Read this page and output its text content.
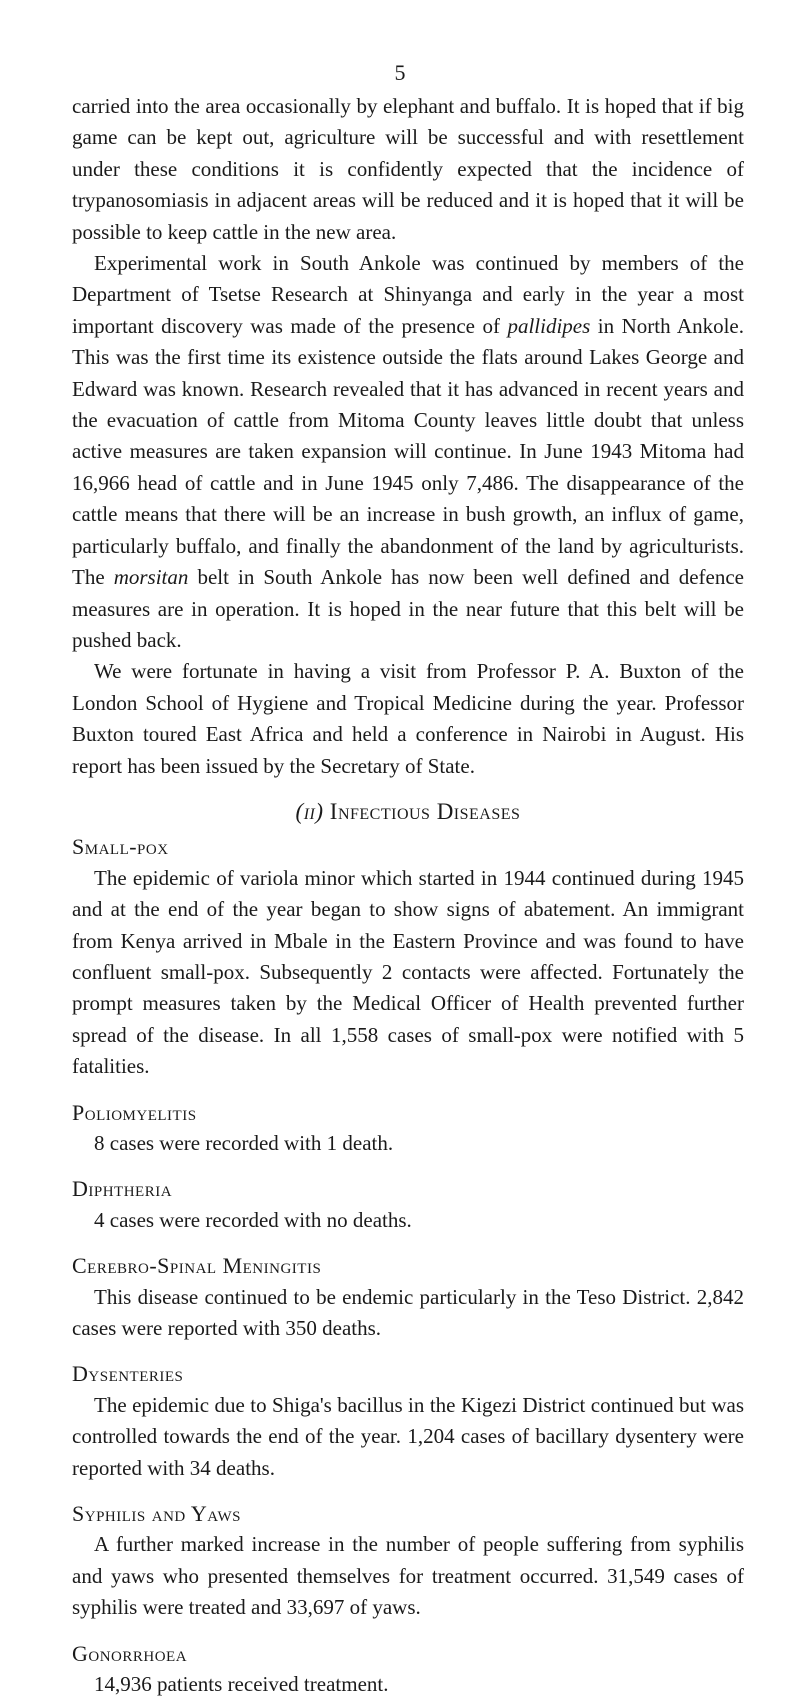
5

carried into the area occasionally by elephant and buffalo. It is hoped that if big game can be kept out, agriculture will be successful and with resettlement under these conditions it is confidently expected that the incidence of trypanosomiasis in adjacent areas will be reduced and it is hoped that it will be possible to keep cattle in the new area.

Experimental work in South Ankole was continued by members of the Department of Tsetse Research at Shinyanga and early in the year a most important discovery was made of the presence of pallidipes in North Ankole. This was the first time its existence outside the flats around Lakes George and Edward was known. Research revealed that it has advanced in recent years and the evacuation of cattle from Mitoma County leaves little doubt that unless active measures are taken expansion will continue. In June 1943 Mitoma had 16,966 head of cattle and in June 1945 only 7,486. The disappearance of the cattle means that there will be an increase in bush growth, an influx of game, particularly buffalo, and finally the abandonment of the land by agriculturists. The morsitan belt in South Ankole has now been well defined and defence measures are in operation. It is hoped in the near future that this belt will be pushed back.

We were fortunate in having a visit from Professor P. A. Buxton of the London School of Hygiene and Tropical Medicine during the year. Professor Buxton toured East Africa and held a conference in Nairobi in August. His report has been issued by the Secretary of State.

(ii) Infectious Diseases
Small-pox

The epidemic of variola minor which started in 1944 continued during 1945 and at the end of the year began to show signs of abatement. An immigrant from Kenya arrived in Mbale in the Eastern Province and was found to have confluent small-pox. Subsequently 2 contacts were affected. Fortunately the prompt measures taken by the Medical Officer of Health prevented further spread of the disease. In all 1,558 cases of small-pox were notified with 5 fatalities.

Poliomyelitis

8 cases were recorded with 1 death.

Diphtheria

4 cases were recorded with no deaths.

Cerebro-Spinal Meningitis

This disease continued to be endemic particularly in the Teso District. 2,842 cases were reported with 350 deaths.

Dysenteries

The epidemic due to Shiga's bacillus in the Kigezi District continued but was controlled towards the end of the year. 1,204 cases of bacillary dysentery were reported with 34 deaths.

Syphilis and Yaws

A further marked increase in the number of people suffering from syphilis and yaws who presented themselves for treatment occurred. 31,549 cases of syphilis were treated and 33,697 of yaws.

Gonorrhoea

14,936 patients received treatment.
